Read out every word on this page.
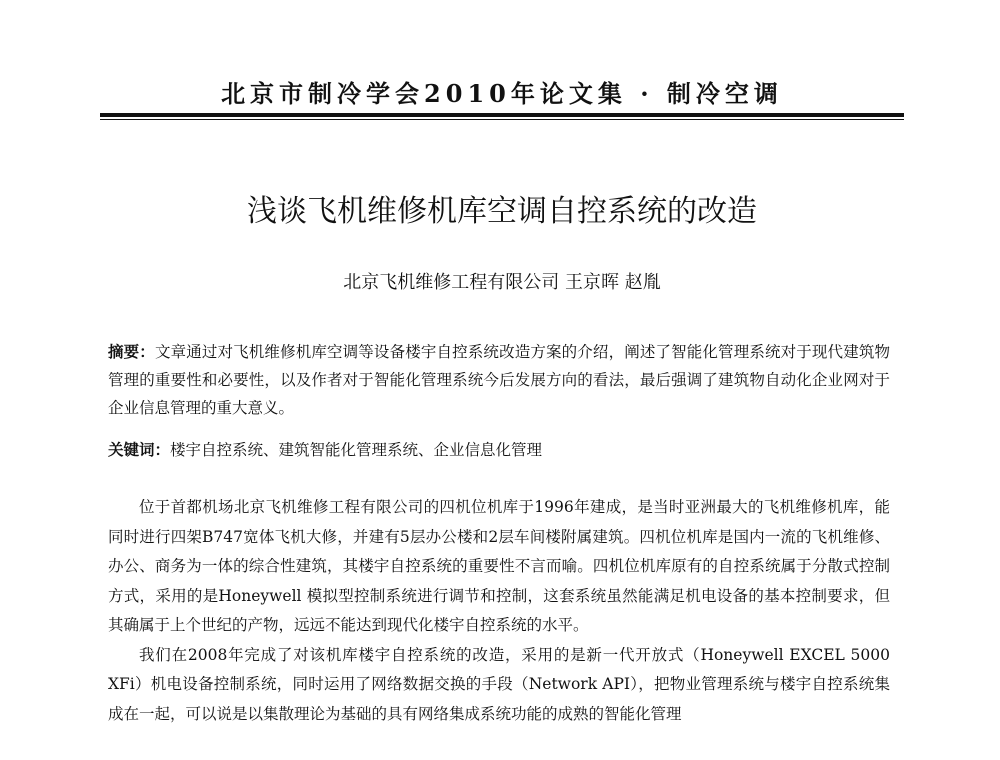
北京市制冷学会2010年论文集 · 制冷空调
浅谈飞机维修机库空调自控系统的改造
北京飞机维修工程有限公司 王京晖 赵胤

摘要：文章通过对飞机维修机库空调等设备楼宇自控系统改造方案的介绍，阐述了智能化管理系统对于现代建筑物管理的重要性和必要性，以及作者对于智能化管理系统今后发展方向的看法，最后强调了建筑物自动化企业网对于企业信息管理的重大意义。

关键词：楼宇自控系统、建筑智能化管理系统、企业信息化管理

位于首都机场北京飞机维修工程有限公司的四机位机库于1996年建成，是当时亚洲最大的飞机维修机库，能同时进行四架B747宽体飞机大修，并建有5层办公楼和2层车间楼附属建筑。四机位机库是国内一流的飞机维修、办公、商务为一体的综合性建筑，其楼宇自控系统的重要性不言而喻。四机位机库原有的自控系统属于分散式控制方式，采用的是Honeywell 模拟型控制系统进行调节和控制，这套系统虽然能满足机电设备的基本控制要求，但其确属于上个世纪的产物，远远不能达到现代化楼宇自控系统的水平。

我们在2008年完成了对该机库楼宇自控系统的改造，采用的是新一代开放式（Honeywell EXCEL 5000 XFi）机电设备控制系统，同时运用了网络数据交换的手段（Network API），把物业管理系统与楼宇自控系统集成在一起，可以说是以集散理论为基础的具有网络集成系统功能的成熟的智能化管理
